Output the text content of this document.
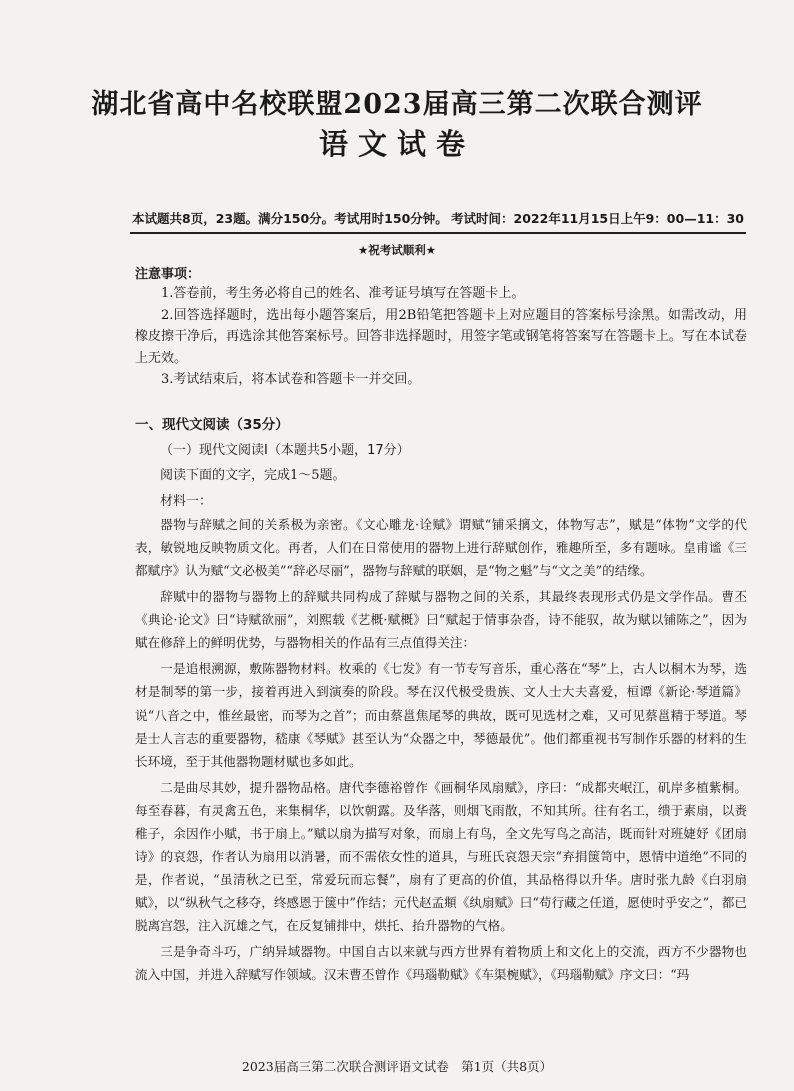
湖北省高中名校联盟2023届高三第二次联合测评
语文试卷
本试题共8页，23题。满分150分。考试用时150分钟。 考试时间：2022年11月15日上午9：00—11：30
★祝考试顺利★
注意事项：

1.答卷前，考生务必将自己的姓名、准考证号填写在答题卡上。

2.回答选择题时，选出每小题答案后，用2B铅笔把答题卡上对应题目的答案标号涂黑。如需改动，用橡皮擦干净后，再选涂其他答案标号。回答非选择题时，用签字笔或钢笔将答案写在答题卡上。写在本试卷上无效。

3.考试结束后，将本试卷和答题卡一并交回。

一、现代文阅读（35分）
（一）现代文阅读Ⅰ（本题共5小题，17分）
阅读下面的文字，完成1～5题。
材料一：

器物与辞赋之间的关系极为亲密。《文心雕龙·诠赋》谓赋“铺采摛文，体物写志”，赋是“体物”文学的代表，敏锐地反映物质文化。再者，人们在日常使用的器物上进行辞赋创作，雅趣所至，多有题咏。皇甫谧《三都赋序》认为赋“文必极美”“辞必尽丽”，器物与辞赋的联姻，是“物之魁”与“文之美”的结缘。

辞赋中的器物与器物上的辞赋共同构成了辞赋与器物之间的关系，其最终表现形式仍是文学作品。曹丕《典论·论文》曰“诗赋欲丽”，刘熙载《艺概·赋概》曰“赋起于情事杂沓，诗不能驭，故为赋以铺陈之”，因为赋在修辞上的鲜明优势，与器物相关的作品有三点值得关注：

一是追根溯源，敷陈器物材料。枚乘的《七发》有一节专写音乐，重心落在“琴”上，古人以桐木为琴，选材是制琴的第一步，接着再进入到演奏的阶段。琴在汉代极受贵族、文人士大夫喜爱，桓谭《新论·琴道篇》说“八音之中，惟丝最密，而琴为之首”；而由蔡邕焦尾琴的典故，既可见选材之难，又可见蔡邕精于琴道。琴是士人言志的重要器物，嵇康《琴赋》甚至认为“众器之中，琴德最优”。他们都重视书写制作乐器的材料的生长环境，至于其他器物题材赋也多如此。

二是曲尽其妙，提升器物品格。唐代李德裕曾作《画桐华凤扇赋》，序曰：“成都夹岷江，矶岸多植紫桐。每至春暮，有灵禽五色，来集桐华，以饮朝露。及华落，则烟飞雨散，不知其所。往有名工，缋于素扇，以赉稚子，余因作小赋，书于扇上。”赋以扇为描写对象，而扇上有鸟，全文先写鸟之高洁，既而针对班婕妤《团扇诗》的哀怨，作者认为扇用以消暑，而不需依女性的道具，与班氏哀怨天宗“弃捐箧笥中，恩情中道绝”不同的是，作者说，“虽清秋之已至，常爱玩而忘餐”，扇有了更高的价值，其品格得以升华。唐时张九龄《白羽扇赋》，以“纵秋气之移夺，终感恩于箧中”作结；元代赵孟頫《纨扇赋》曰“苟行藏之任道，愿使时乎安之”，都已脱离宫怨，注入沉雄之气，在反复铺排中，烘托、抬升器物的气格。

三是争奇斗巧，广纳异域器物。中国自古以来就与西方世界有着物质上和文化上的交流，西方不少器物也流入中国，并进入辞赋写作领域。汉末曹丕曾作《玛瑙勒赋》《车渠椀赋》，《玛瑙勒赋》序文曰：“玛

2023届高三第二次联合测评语文试卷　第1页（共8页）
